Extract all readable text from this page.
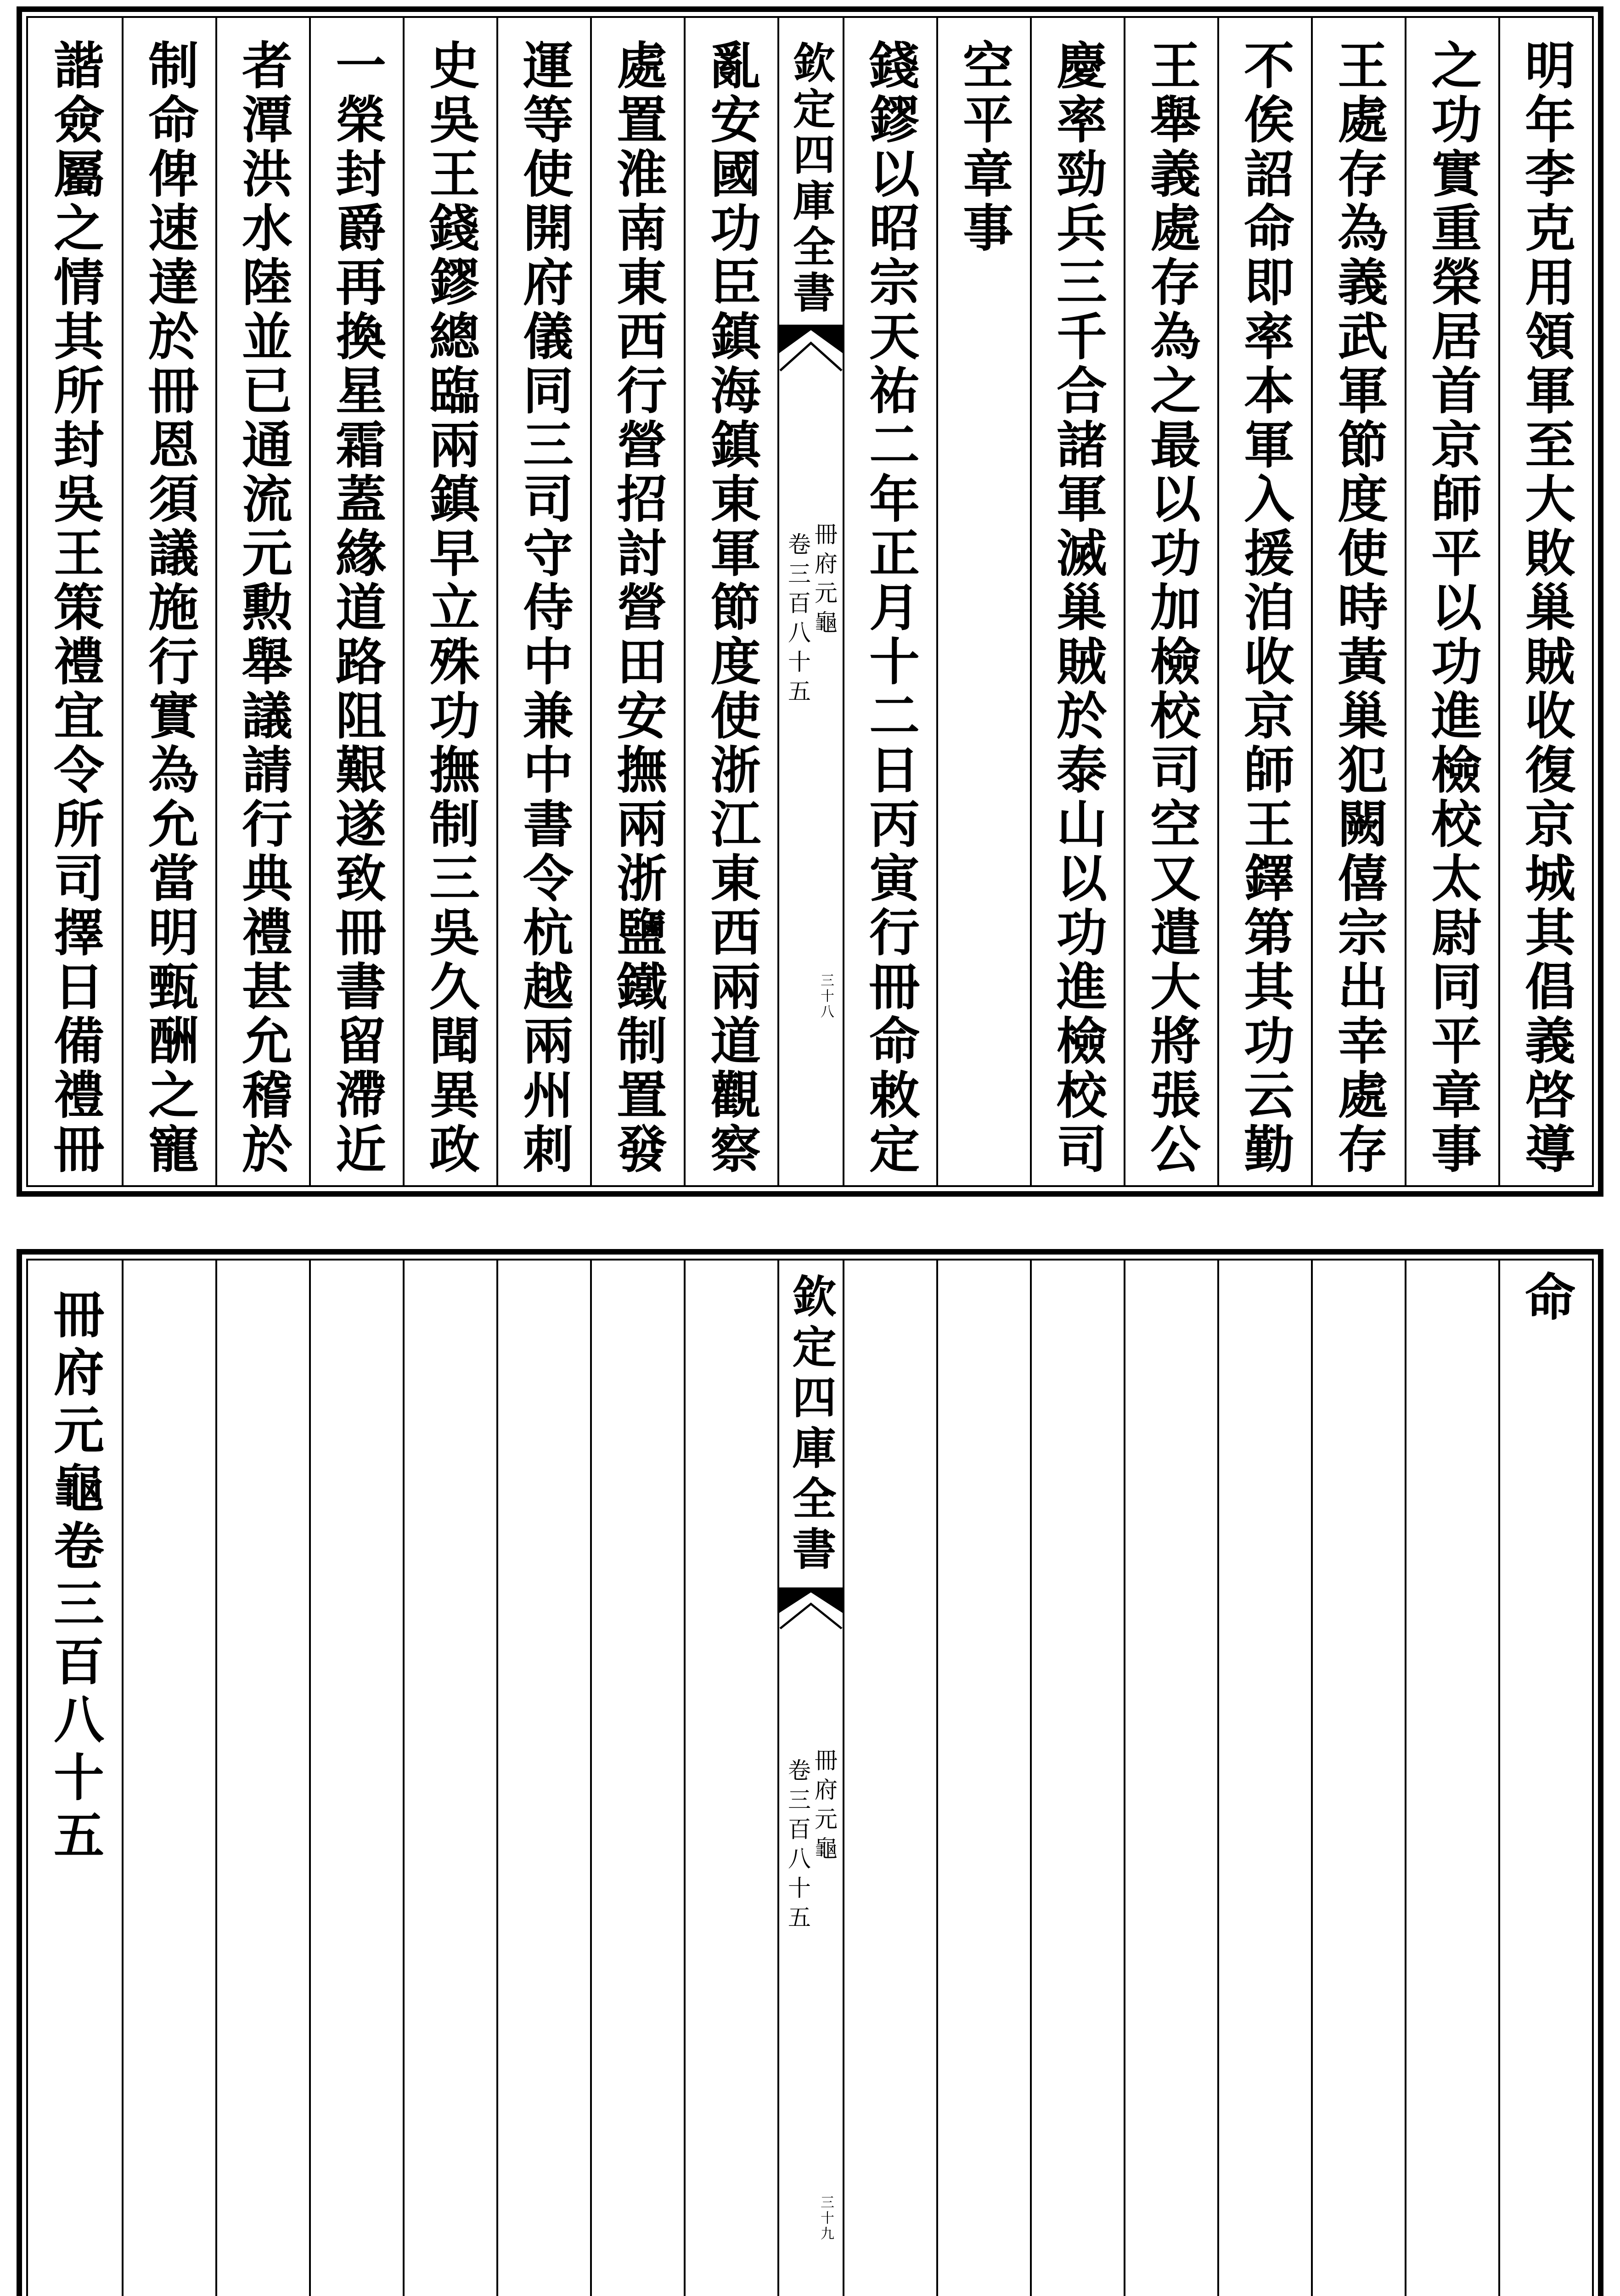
明年李克用領軍至大敗巢賊收復京城其倡義啓導
之功實重榮居首京師平以功進檢校太尉同平章事
王處存為義武軍節度使時黃巢犯闕僖宗出幸處存
不俟詔命即率本軍入援洎收京師王鐸第其功云勤
王舉義處存為之最以功加檢校司空又遣大將張公
慶率勁兵三千合諸軍滅巢賊於泰山以功進檢校司
空平章事
錢鏐以昭宗天祐二年正月十二日丙寅行冊命敕定
欽定四庫全書
冊府元龜
卷三百八十五
三十八
亂安國功臣鎮海鎮東軍節度使浙江東西兩道觀察
處置淮南東西行營招討營田安撫兩浙鹽鐵制置發
運等使開府儀同三司守侍中兼中書令杭越兩州刺
史吳王錢鏐總臨兩鎮早立殊功撫制三吳久聞異政
一榮封爵再換星霜蓋緣道路阻艱遂致冊書留滯近
者潭洪水陸並已通流元勲舉議請行典禮甚允稽於
制命俾速達於冊恩須議施行實為允當明甄酬之寵
諧僉屬之情其所封吳王策禮宜令所司擇日備禮冊
命
欽定四庫全書
冊府元龜
卷三百八十五
三十九
冊府元龜卷三百八十五
